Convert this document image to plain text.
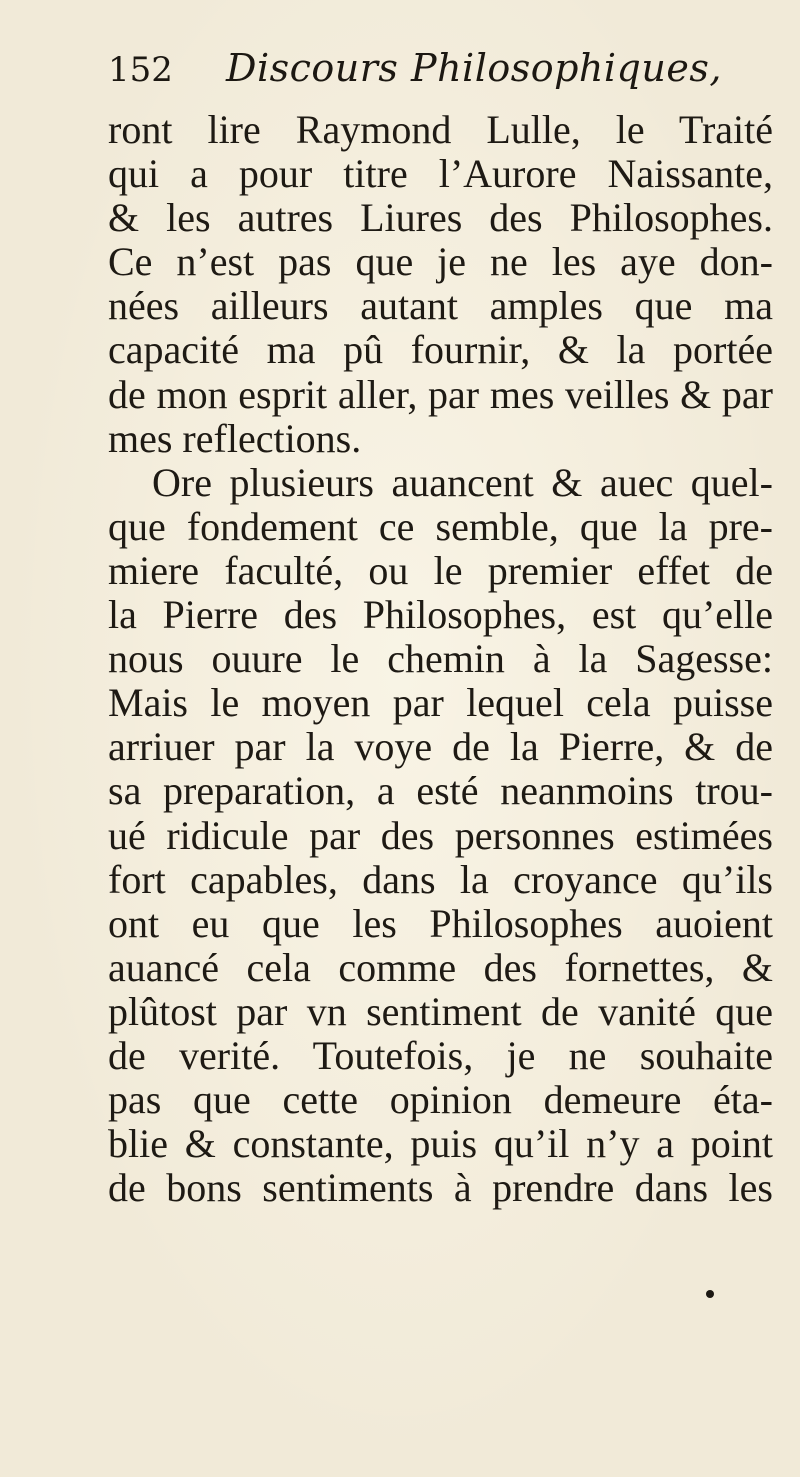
152 Discours Philosophiques,
ront lire Raymond Lulle, le Traité
qui a pour titre l’Aurore Naissante,
& les autres Liures des Philosophes.
Ce n’est pas que je ne les aye don-
nées ailleurs autant amples que ma
capacité ma pû fournir, & la portée
de mon esprit aller, par mes veilles & par
mes reflections.
Ore plusieurs auancent & auec quel-
que fondement ce semble, que la pre-
miere faculté, ou le premier effet de
la Pierre des Philosophes, est qu’elle
nous ouure le chemin à la Sagesse:
Mais le moyen par lequel cela puisse
arriuer par la voye de la Pierre, & de
sa preparation, a esté neanmoins trou-
ué ridicule par des personnes estimées
fort capables, dans la croyance qu’ils
ont eu que les Philosophes auoient
auancé cela comme des fornettes, &
plûtost par vn sentiment de vanité que
de verité. Toutefois, je ne souhaite
pas que cette opinion demeure éta-
blie & constante, puis qu’il n’y a point
de bons sentiments à prendre dans les
